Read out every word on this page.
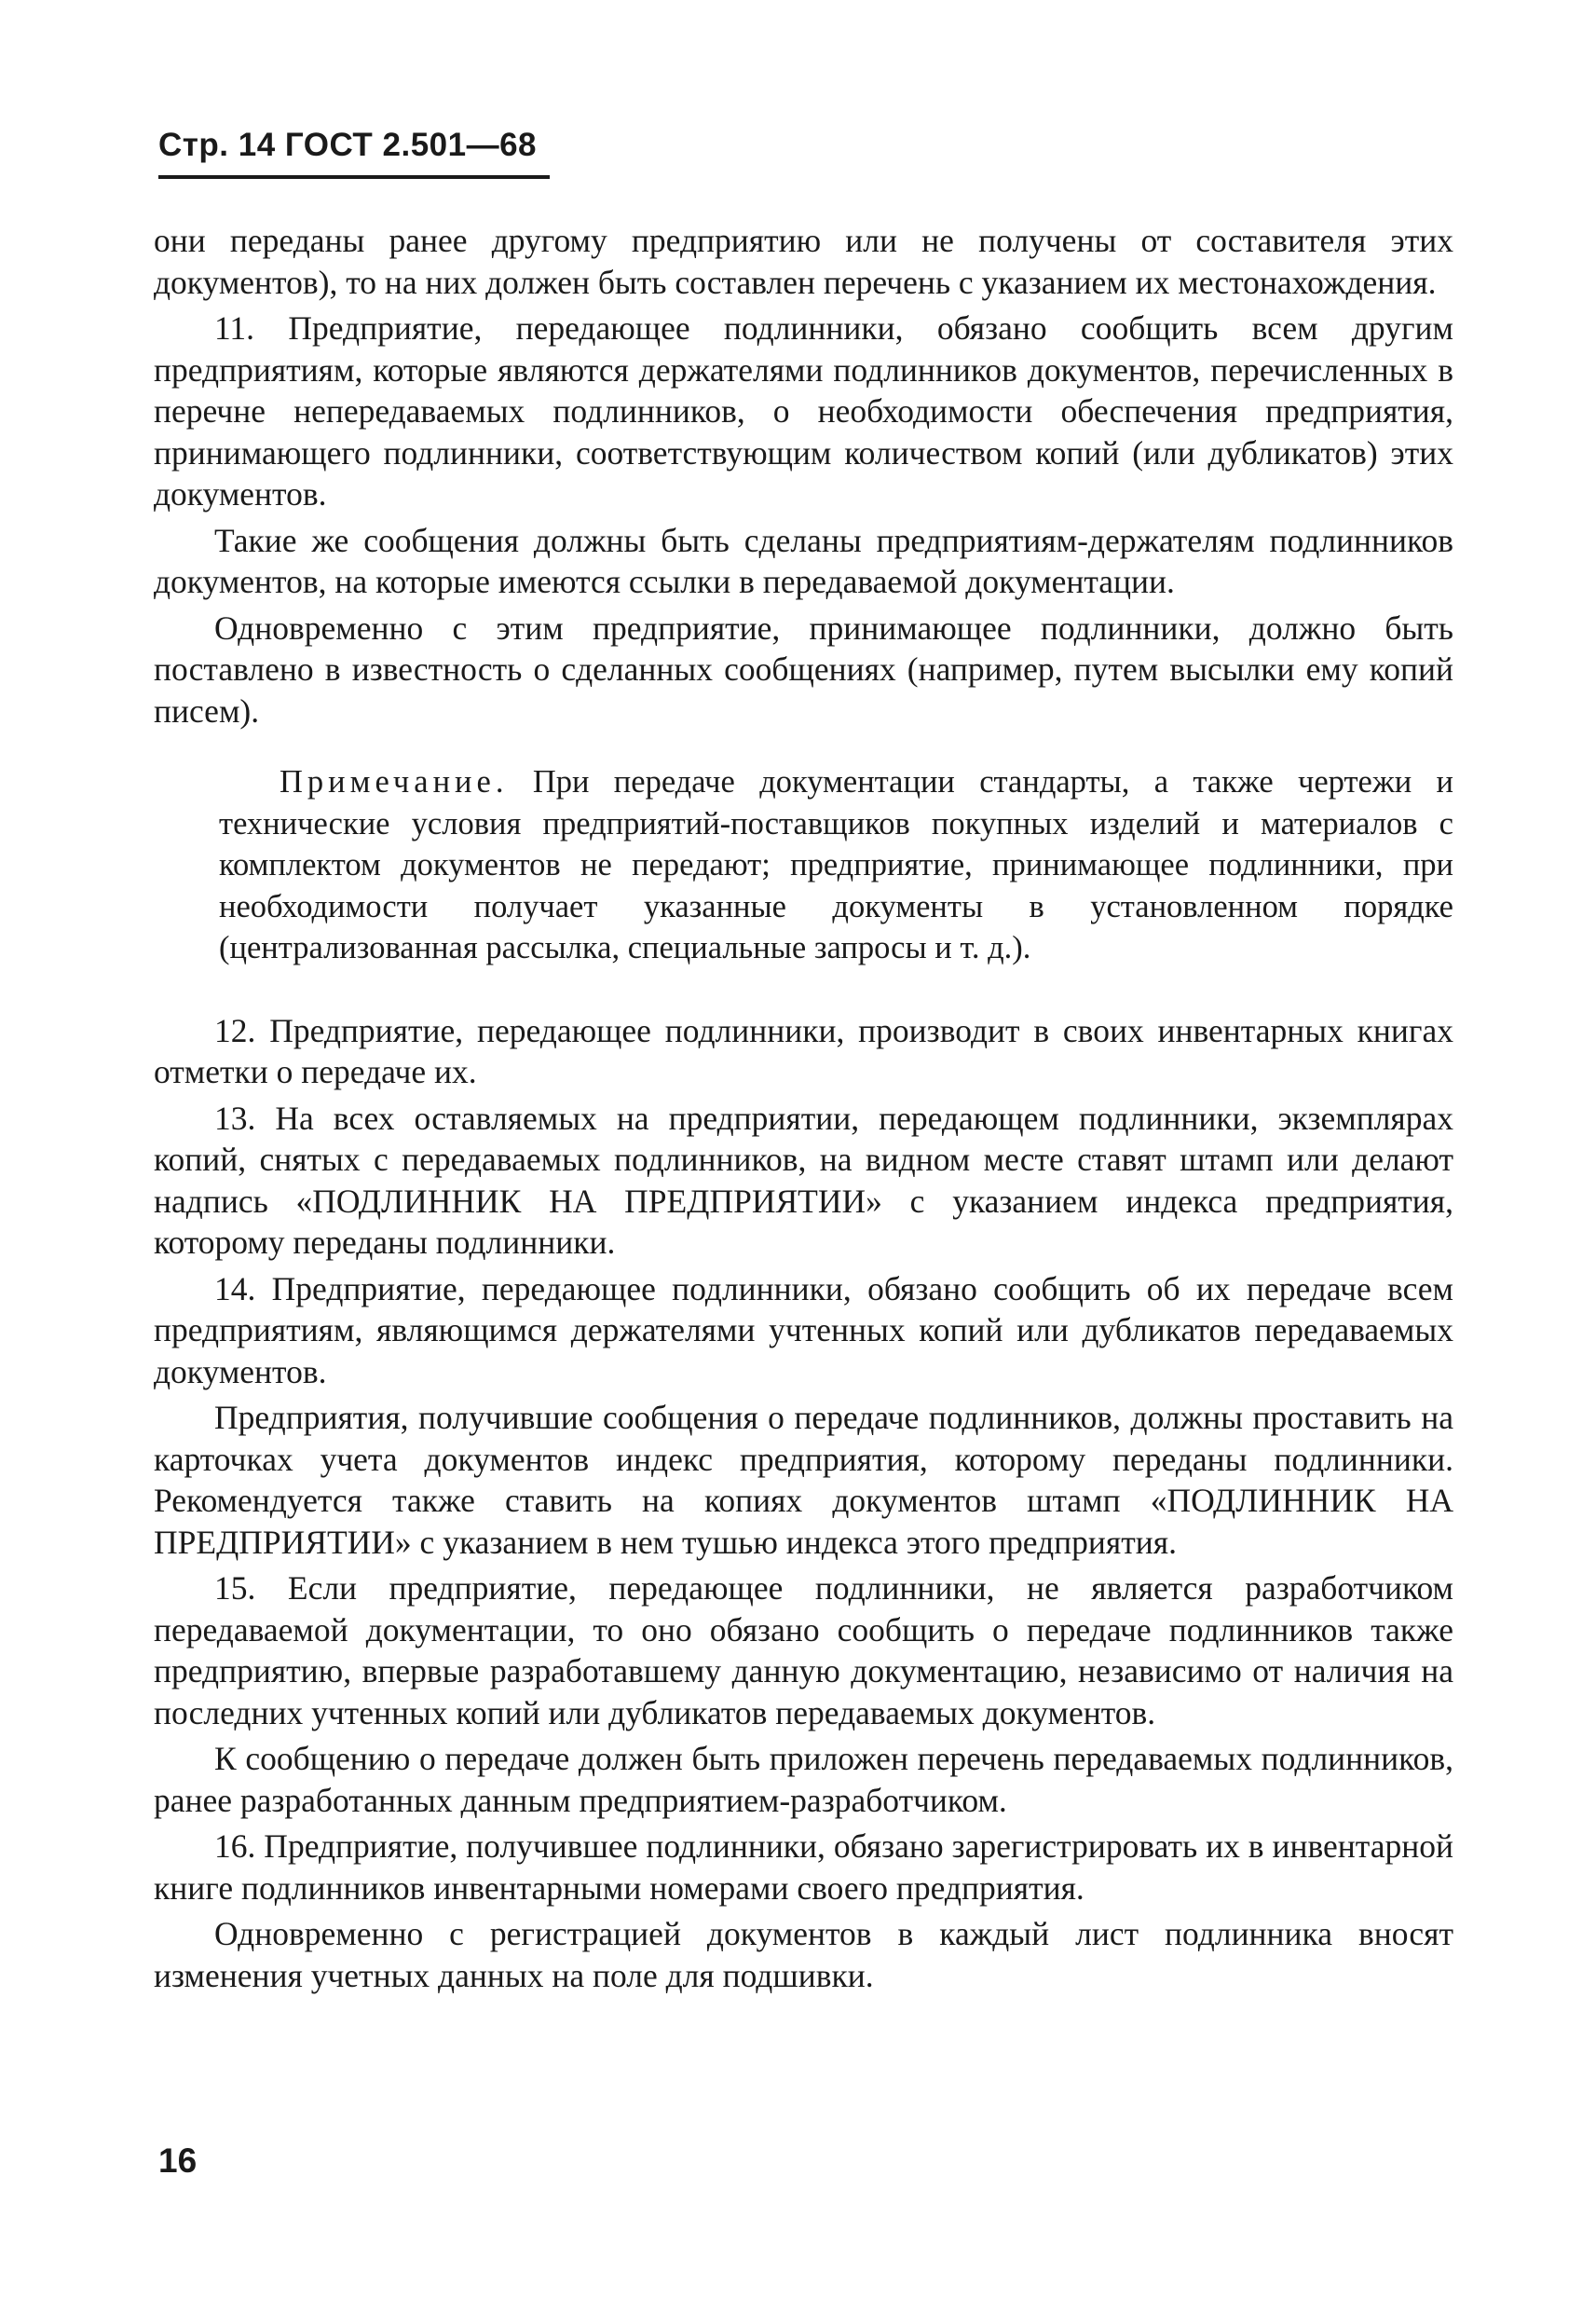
Стр. 14 ГОСТ 2.501—68

они переданы ранее другому предприятию или не получены от составителя этих документов), то на них должен быть составлен перечень с указанием их местонахождения.

11. Предприятие, передающее подлинники, обязано сообщить всем другим предприятиям, которые являются держателями подлинников документов, перечисленных в перечне непередаваемых подлинников, о необходимости обеспечения предприятия, принимающего подлинники, соответствующим количеством копий (или дубликатов) этих документов.

Такие же сообщения должны быть сделаны предприятиям-держателям подлинников документов, на которые имеются ссылки в передаваемой документации.

Одновременно с этим предприятие, принимающее подлинники, должно быть поставлено в известность о сделанных сообщениях (например, путем высылки ему копий писем).

Примечание. При передаче документации стандарты, а также чертежи и технические условия предприятий-поставщиков покупных изделий и материалов с комплектом документов не передают; предприятие, принимающее подлинники, при необходимости получает указанные документы в установленном порядке (централизованная рассылка, специальные запросы и т. д.).

12. Предприятие, передающее подлинники, производит в своих инвентарных книгах отметки о передаче их.

13. На всех оставляемых на предприятии, передающем подлинники, экземплярах копий, снятых с передаваемых подлинников, на видном месте ставят штамп или делают надпись «ПОДЛИННИК НА ПРЕДПРИЯТИИ» с указанием индекса предприятия, которому переданы подлинники.

14. Предприятие, передающее подлинники, обязано сообщить об их передаче всем предприятиям, являющимся держателями учтенных копий или дубликатов передаваемых документов.

Предприятия, получившие сообщения о передаче подлинников, должны проставить на карточках учета документов индекс предприятия, которому переданы подлинники. Рекомендуется также ставить на копиях документов штамп «ПОДЛИННИК НА ПРЕДПРИЯТИИ» с указанием в нем тушью индекса этого предприятия.

15. Если предприятие, передающее подлинники, не является разработчиком передаваемой документации, то оно обязано сообщить о передаче подлинников также предприятию, впервые разработавшему данную документацию, независимо от наличия на последних учтенных копий или дубликатов передаваемых документов.

К сообщению о передаче должен быть приложен перечень передаваемых подлинников, ранее разработанных данным предприятием-разработчиком.

16. Предприятие, получившее подлинники, обязано зарегистрировать их в инвентарной книге подлинников инвентарными номерами своего предприятия.

Одновременно с регистрацией документов в каждый лист подлинника вносят изменения учетных данных на поле для подшивки.

16
